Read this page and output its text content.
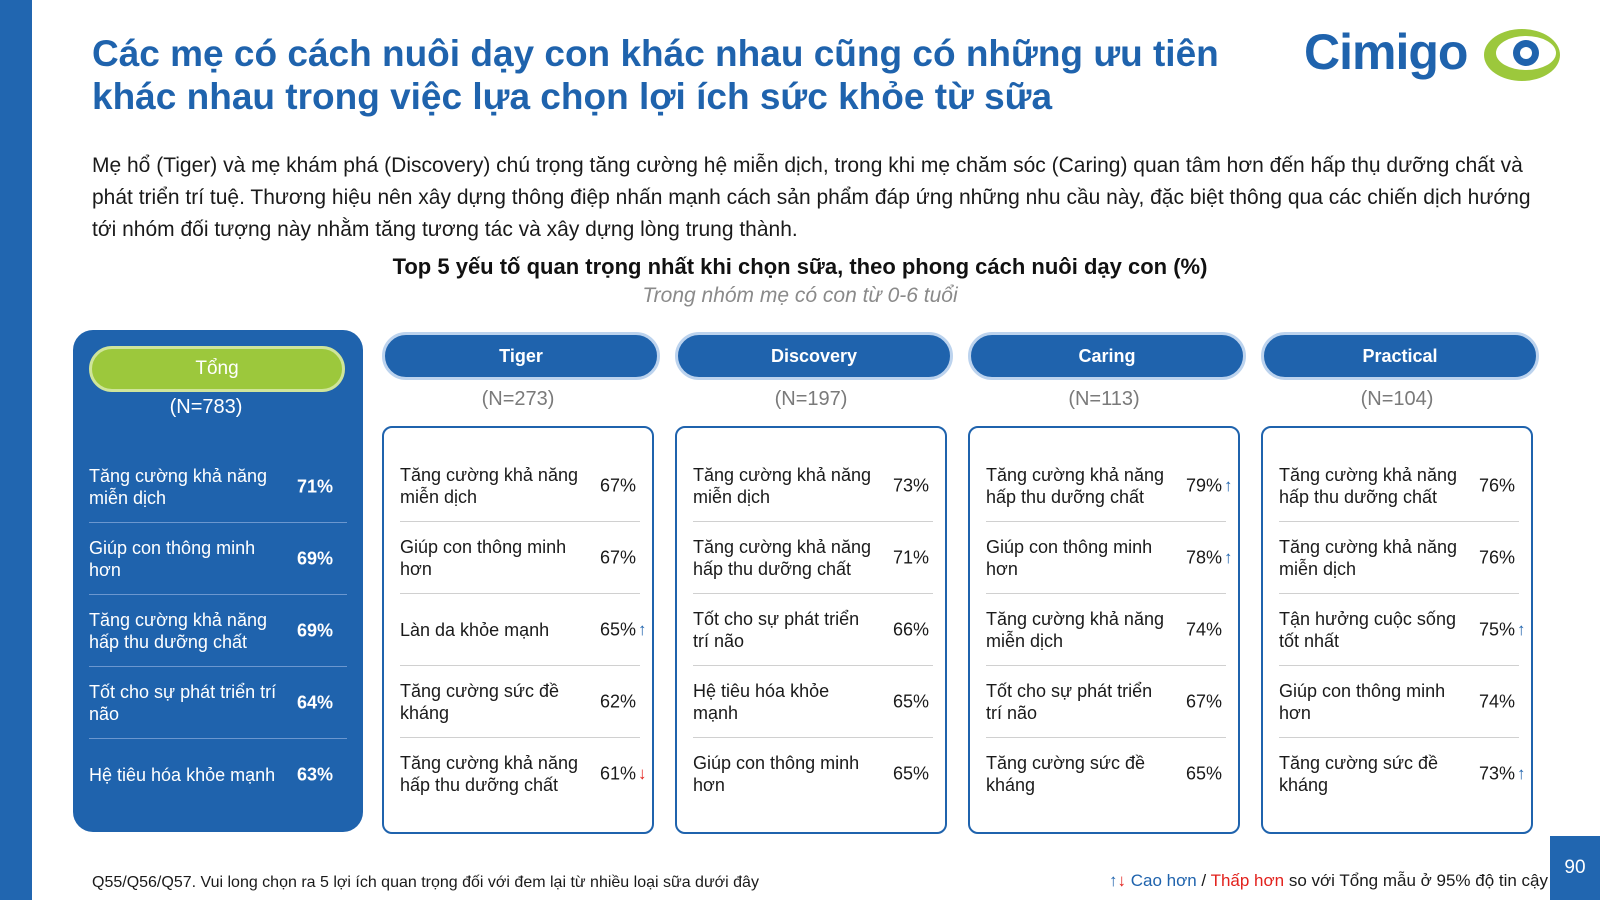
Các mẹ có cách nuôi dạy con khác nhau cũng có những ưu tiên khác nhau trong việc lựa chọn lợi ích sức khỏe từ sữa
Cimigo
Mẹ hổ (Tiger) và mẹ khám phá (Discovery) chú trọng tăng cường hệ miễn dịch, trong khi mẹ chăm sóc (Caring) quan tâm hơn đến hấp thụ dưỡng chất và phát triển trí tuệ. Thương hiệu nên xây dựng thông điệp nhấn mạnh cách sản phẩm đáp ứng những nhu cầu này, đặc biệt thông qua các chiến dịch hướng tới nhóm đối tượng này nhằm tăng tương tác và xây dựng lòng trung thành.
Top 5 yếu tố quan trọng nhất khi chọn sữa, theo phong cách nuôi dạy con (%)
Trong nhóm mẹ có con từ 0-6 tuổi
Tổng
(N=783)
Tăng cường khả năng miễn dịch
71%
Giúp con thông minh hơn
69%
Tăng cường khả năng hấp thu dưỡng chất
69%
Tốt cho sự phát triển trí não
64%
Hệ tiêu hóa khỏe mạnh 63%
Tiger
(N=273)
Tăng cường khả năng miễn dịch
67%
Giúp con thông minh hơn
67%
Làn da khỏe mạnh	65% ↑
Tăng cường sức đề kháng
62%
Tăng cường khả năng hấp thu dưỡng chất
61% ↓
Discovery
(N=197)
Tăng cường khả năng miễn dịch
73%
Tăng cường khả năng hấp thu dưỡng chất
71%
Tốt cho sự phát triển trí não
66%
Hệ tiêu hóa khỏe mạnh
65%
Giúp con thông minh hơn
65%
Caring
(N=113)
Tăng cường khả năng hấp thu dưỡng chất
79% ↑
Giúp con thông minh hơn
78% ↑
Tăng cường khả năng miễn dịch
74%
Tốt cho sự phát triển trí não
67%
Tăng cường sức đề kháng
65%
Practical
(N=104)
Tăng cường khả năng hấp thu dưỡng chất
76%
Tăng cường khả năng miễn dịch
76%
Tận hưởng cuộc sống tốt nhất
75% ↑
Giúp con thông minh hơn
74%
Tăng cường sức đề kháng
73% ↑
Q55/Q56/Q57. Vui long chọn ra 5 lợi ích quan trọng đối với đem lại từ nhiều loại sữa dưới đây	↑↓ Cao hơn / Thấp hơn so với Tổng mẫu ở 95% độ tin cậy
90
